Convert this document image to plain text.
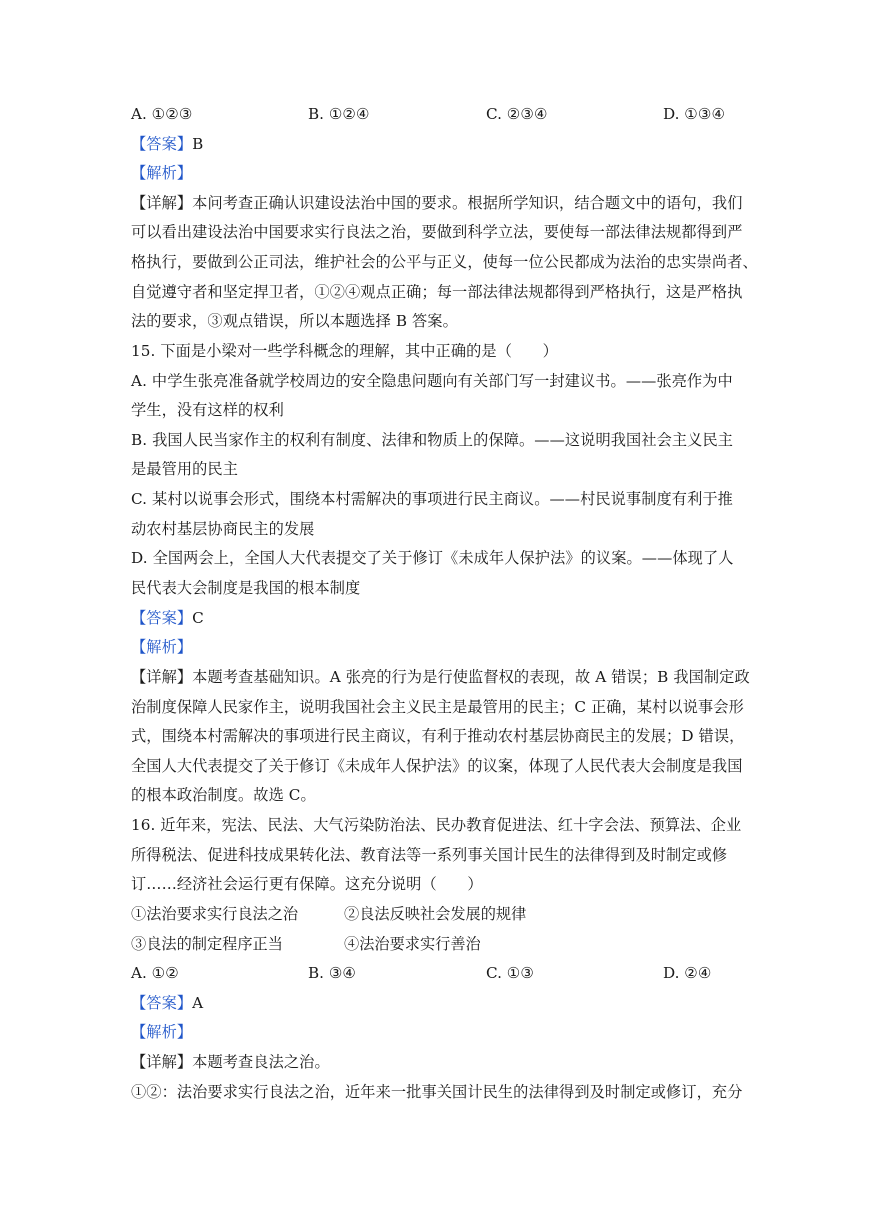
A. ①②③	B. ①②④	C. ②③④	D. ①③④
【答案】B
【解析】
【详解】本问考查正确认识建设法治中国的要求。根据所学知识，结合题文中的语句，我们
可以看出建设法治中国要求实行良法之治，要做到科学立法，要使每一部法律法规都得到严
格执行，要做到公正司法，维护社会的公平与正义，使每一位公民都成为法治的忠实崇尚者、
自觉遵守者和坚定捍卫者，①②④观点正确；每一部法律法规都得到严格执行，这是严格执
法的要求，③观点错误，所以本题选择 B 答案。
15. 下面是小梁对一些学科概念的理解，其中正确的是（　　）
A. 中学生张亮准备就学校周边的安全隐患问题向有关部门写一封建议书。——张亮作为中
学生，没有这样的权利
B. 我国人民当家作主的权利有制度、法律和物质上的保障。——这说明我国社会主义民主
是最管用的民主
C. 某村以说事会形式，围绕本村需解决的事项进行民主商议。——村民说事制度有利于推
动农村基层协商民主的发展
D. 全国两会上，全国人大代表提交了关于修订《未成年人保护法》的议案。——体现了人
民代表大会制度是我国的根本制度
【答案】C
【解析】
【详解】本题考查基础知识。A 张亮的行为是行使监督权的表现，故 A 错误；B 我国制定政
治制度保障人民家作主，说明我国社会主义民主是最管用的民主；C 正确，某村以说事会形
式，围绕本村需解决的事项进行民主商议，有利于推动农村基层协商民主的发展；D 错误，
全国人大代表提交了关于修订《未成年人保护法》的议案，体现了人民代表大会制度是我国
的根本政治制度。故选 C。
16. 近年来，宪法、民法、大气污染防治法、民办教育促进法、红十字会法、预算法、企业
所得税法、促进科技成果转化法、教育法等一系列事关国计民生的法律得到及时制定或修
订……经济社会运行更有保障。这充分说明（　　）
①法治要求实行良法之治	②良法反映社会发展的规律
③良法的制定程序正当	④法治要求实行善治
A. ①②	B. ③④	C. ①③	D. ②④
【答案】A
【解析】
【详解】本题考查良法之治。
①②：法治要求实行良法之治，近年来一批事关国计民生的法律得到及时制定或修订，充分
